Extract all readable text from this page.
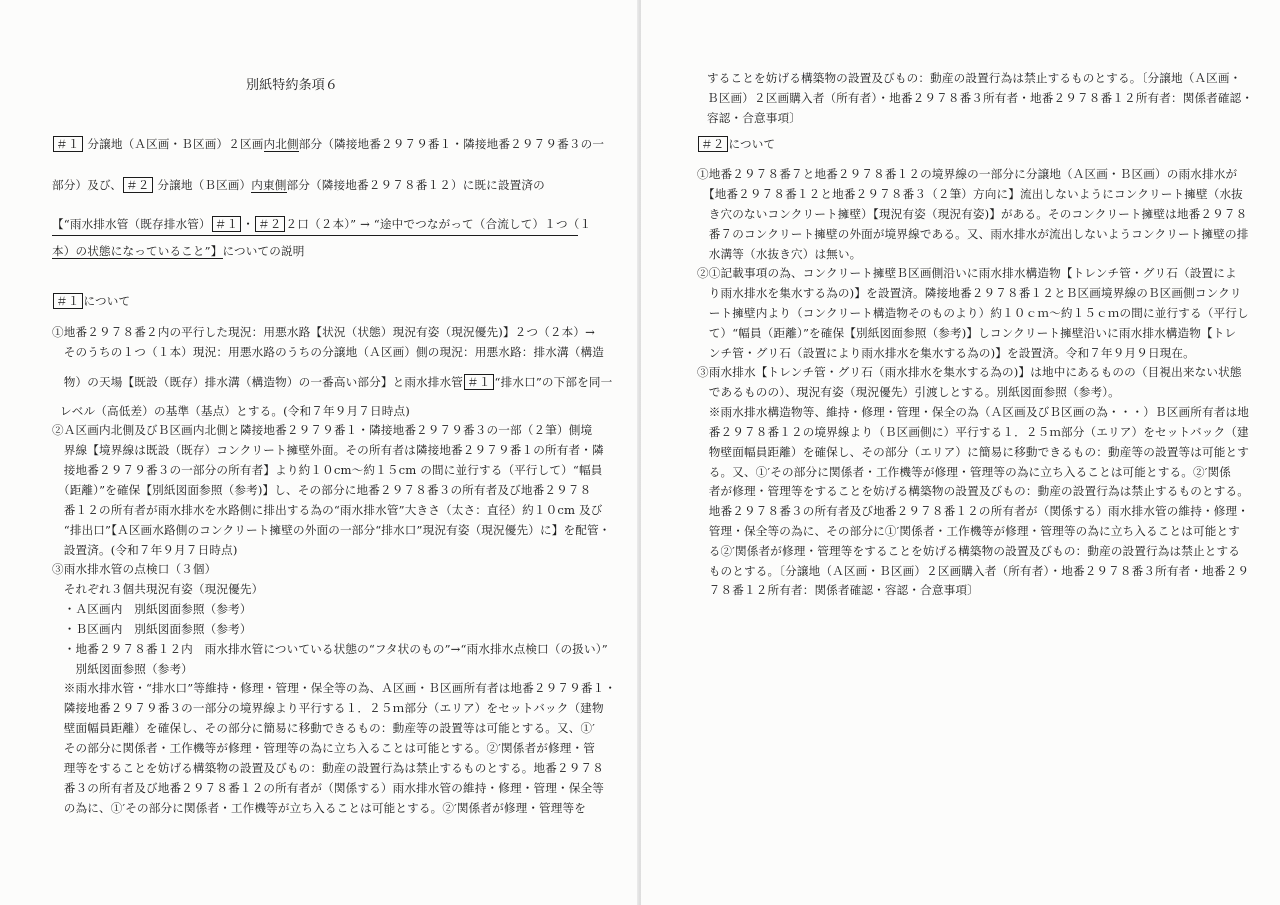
別紙特約条項６
＃１ 分譲地（Ａ区画・Ｂ区画）２区画内北側部分（隣接地番２９７９番１・隣接地番２９７９番３の一
部分）及び、 ＃２ 分譲地（Ｂ区画）内東側部分（隣接地番２９７８番１２）に既に設置済の
【“雨水排水管（既存排水管） ＃１ ・ ＃２ ２口（２本）” → “途中でつながって（合流して）１つ（１
本）の状態になっていること”】についての説明
＃１ について
①地番２９７８番２内の平行した現況：用悪水路【状況（状態）現況有姿（現況優先)】２つ（２本）→
　そのうちの１つ（１本）現況：用悪水路のうちの分譲地（Ａ区画）側の現況：用悪水路：排水溝（構造
　物）の天場【既設（既存）排水溝（構造物）の一番高い部分】と雨水排水管 ＃１ “排水口”の下部を同一
レベル（高低差）の基準（基点）とする。(令和７年９月７日時点)
②Ａ区画内北側及びＢ区画内北側と隣接地番２９７９番１・隣接地番２９７９番３の一部（２筆）側境
　界線【境界線は既設（既存）コンクリート擁壁外面。その所有者は隣接地番２９７９番１の所有者・隣
　接地番２９７９番３の一部分の所有者】より約１０cm～約１５cm の間に並行する（平行して）“幅員
　（距離）”を確保【別紙図面参照（参考)】し、その部分に地番２９７８番３の所有者及び地番２９７８
　番１２の所有者が雨水排水を水路側に排出する為の“雨水排水管”大きさ（太さ：直径）約１０cm 及び
　“排出口”【Ａ区画水路側のコンクリート擁壁の外面の一部分“排水口”現況有姿（現況優先）に】を配管・
　設置済。(令和７年９月７日時点)
③雨水排水管の点検口（３個）
　それぞれ３個共現況有姿（現況優先）
　・Ａ区画内　別紙図面参照（参考）
　・Ｂ区画内　別紙図面参照（参考）
　・地番２９７８番１２内　雨水排水管についている状態の“フタ状のもの”→“雨水排水点検口（の扱い）”
　　別紙図面参照（参考）
　※雨水排水管・“排水口”等維持・修理・管理・保全等の為、Ａ区画・Ｂ区画所有者は地番２９７９番１・
　隣接地番２９７９番３の一部分の境界線より平行する１．２５ｍ部分（エリア）をセットバック（建物
　壁面幅員距離）を確保し、その部分に簡易に移動できるもの：動産等の設置等は可能とする。又、①′
　その部分に関係者・工作機等が修理・管理等の為に立ち入ることは可能とする。②′関係者が修理・管
　理等をすることを妨げる構築物の設置及びもの：動産の設置行為は禁止するものとする。地番２９７８
　番３の所有者及び地番２９７８番１２の所有者が（関係する）雨水排水管の維持・修理・管理・保全等
　の為に、①′その部分に関係者・工作機等が立ち入ることは可能とする。②′関係者が修理・管理等を
することを妨げる構築物の設置及びもの：動産の設置行為は禁止するものとする。〔分譲地（Ａ区画・
Ｂ区画）２区画購入者（所有者）・地番２９７８番３所有者・地番２９７８番１２所有者：関係者確認・
容認・合意事項〕
＃２ について
①地番２９７８番７と地番２９７８番１２の境界線の一部分に分譲地（Ａ区画・Ｂ区画）の雨水排水が
　【地番２９７８番１２と地番２９７８番３（２筆）方向に】流出しないようにコンクリート擁壁（水抜
　き穴のないコンクリート擁壁）【現況有姿（現況有姿)】がある。そのコンクリート擁壁は地番２９７８
　番７のコンクリート擁壁の外面が境界線である。又、雨水排水が流出しないようコンクリート擁壁の排
　水溝等（水抜き穴）は無い。
②①記載事項の為、コンクリート擁壁Ｂ区画側沿いに雨水排水構造物【トレンチ管・グリ石（設置によ
　り雨水排水を集水する為の)】を設置済。隣接地番２９７８番１２とＢ区画境界線のＢ区画側コンクリ
　ート擁壁内より（コンクリート構造物そのものより）約１０ｃｍ～約１５ｃｍの間に並行する（平行し
　て）“幅員（距離）”を確保【別紙図面参照（参考)】しコンクリート擁壁沿いに雨水排水構造物【トレ
　ンチ管・グリ石（設置により雨水排水を集水する為の)】を設置済。令和７年９月９日現在。
③雨水排水【トレンチ管・グリ石（雨水排水を集水する為の)】は地中にあるものの（目視出来ない状態
　であるものの）、現況有姿（現況優先）引渡しとする。別紙図面参照（参考）。
　※雨水排水構造物等、維持・修理・管理・保全の為（Ａ区画及びＢ区画の為・・・）Ｂ区画所有者は地
　番２９７８番１２の境界線より（Ｂ区画側に）平行する１．２５ｍ部分（エリア）をセットバック（建
　物壁面幅員距離）を確保し、その部分（エリア）に簡易に移動できるもの：動産等の設置等は可能とす
　る。又、①′その部分に関係者・工作機等が修理・管理等の為に立ち入ることは可能とする。②′関係
　者が修理・管理等をすることを妨げる構築物の設置及びもの：動産の設置行為は禁止するものとする。
　地番２９７８番３の所有者及び地番２９７８番１２の所有者が（関係する）雨水排水管の維持・修理・
　管理・保全等の為に、その部分に①′関係者・工作機等が修理・管理等の為に立ち入ることは可能とす
　る②′関係者が修理・管理等をすることを妨げる構築物の設置及びもの：動産の設置行為は禁止とする
　ものとする。〔分譲地（Ａ区画・Ｂ区画）２区画購入者（所有者）・地番２９７８番３所有者・地番２９
　７８番１２所有者：関係者確認・容認・合意事項〕
